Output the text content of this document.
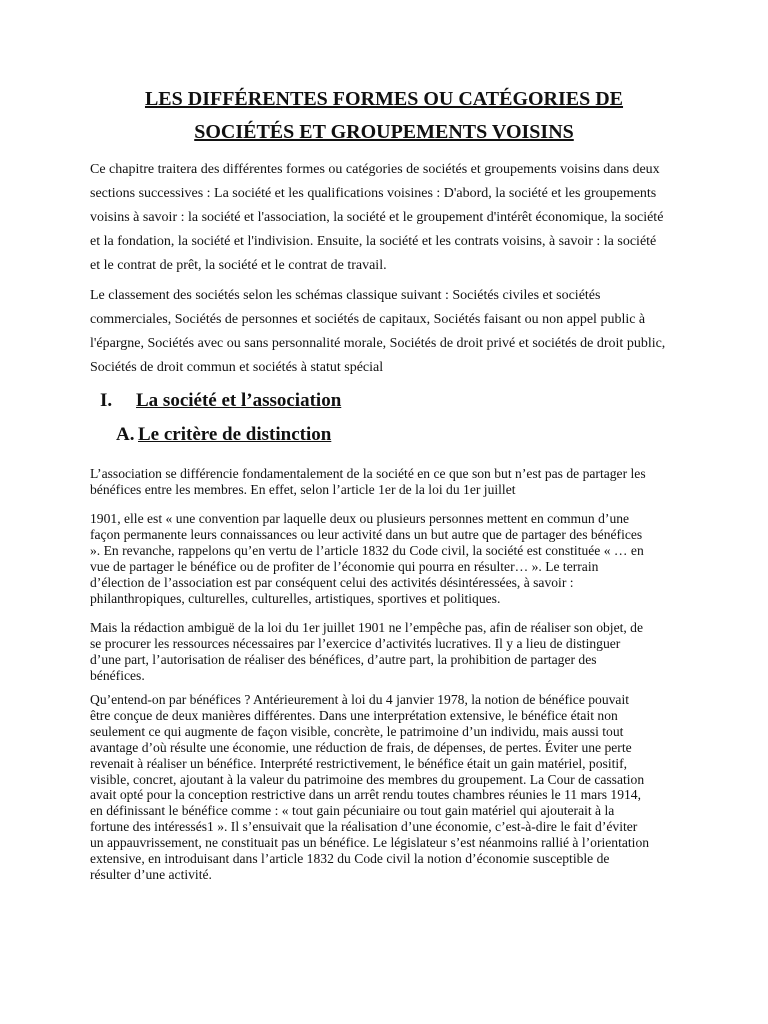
LES DIFFÉRENTES FORMES OU CATÉGORIES DE
SOCIÉTÉS ET GROUPEMENTS VOISINS

Ce chapitre traitera des différentes formes ou catégories de sociétés et groupements voisins dans deux
sections successives : La société et les qualifications voisines : D'abord, la société et les groupements
voisins à savoir : la société et l'association, la société et le groupement d'intérêt économique, la société
et la fondation, la société et l'indivision. Ensuite, la société et les contrats voisins, à savoir : la société
et le contrat de prêt, la société et le contrat de travail.

Le classement des sociétés selon les schémas classique suivant : Sociétés civiles et sociétés
commerciales, Sociétés de personnes et sociétés de capitaux, Sociétés faisant ou non appel public à
l'épargne, Sociétés avec ou sans personnalité morale, Sociétés de droit privé et sociétés de droit public,
Sociétés de droit commun et sociétés à statut spécial

I. La société et l’association
A. Le critère de distinction

L’association se différencie fondamentalement de la société en ce que son but n’est pas de partager les
bénéfices entre les membres. En effet, selon l’article 1er de la loi du 1er juillet

1901, elle est « une convention par laquelle deux ou plusieurs personnes mettent en commun d’une
façon permanente leurs connaissances ou leur activité dans un but autre que de partager des bénéfices
». En revanche, rappelons qu’en vertu de l’article 1832 du Code civil, la société est constituée « … en
vue de partager le bénéfice ou de profiter de l’économie qui pourra en résulter… ». Le terrain
d’élection de l’association est par conséquent celui des activités désintéressées, à savoir :
philanthropiques, culturelles, culturelles, artistiques, sportives et politiques.

Mais la rédaction ambiguë de la loi du 1er juillet 1901 ne l’empêche pas, afin de réaliser son objet, de
se procurer les ressources nécessaires par l’exercice d’activités lucratives. Il y a lieu de distinguer
d’une part, l’autorisation de réaliser des bénéfices, d’autre part, la prohibition de partager des
bénéfices.

Qu’entend-on par bénéfices ? Antérieurement à loi du 4 janvier 1978, la notion de bénéfice pouvait
être conçue de deux manières différentes. Dans une interprétation extensive, le bénéfice était non
seulement ce qui augmente de façon visible, concrète, le patrimoine d’un individu, mais aussi tout
avantage d’où résulte une économie, une réduction de frais, de dépenses, de pertes. Éviter une perte
revenait à réaliser un bénéfice. Interprété restrictivement, le bénéfice était un gain matériel, positif,
visible, concret, ajoutant à la valeur du patrimoine des membres du groupement. La Cour de cassation
avait opté pour la conception restrictive dans un arrêt rendu toutes chambres réunies le 11 mars 1914,
en définissant le bénéfice comme : « tout gain pécuniaire ou tout gain matériel qui ajouterait à la
fortune des intéressés1 ». Il s’ensuivait que la réalisation d’une économie, c’est-à-dire le fait d’éviter
un appauvrissement, ne constituait pas un bénéfice. Le législateur s’est néanmoins rallié à l’orientation
extensive, en introduisant dans l’article 1832 du Code civil la notion d’économie susceptible de
résulter d’une activité.
